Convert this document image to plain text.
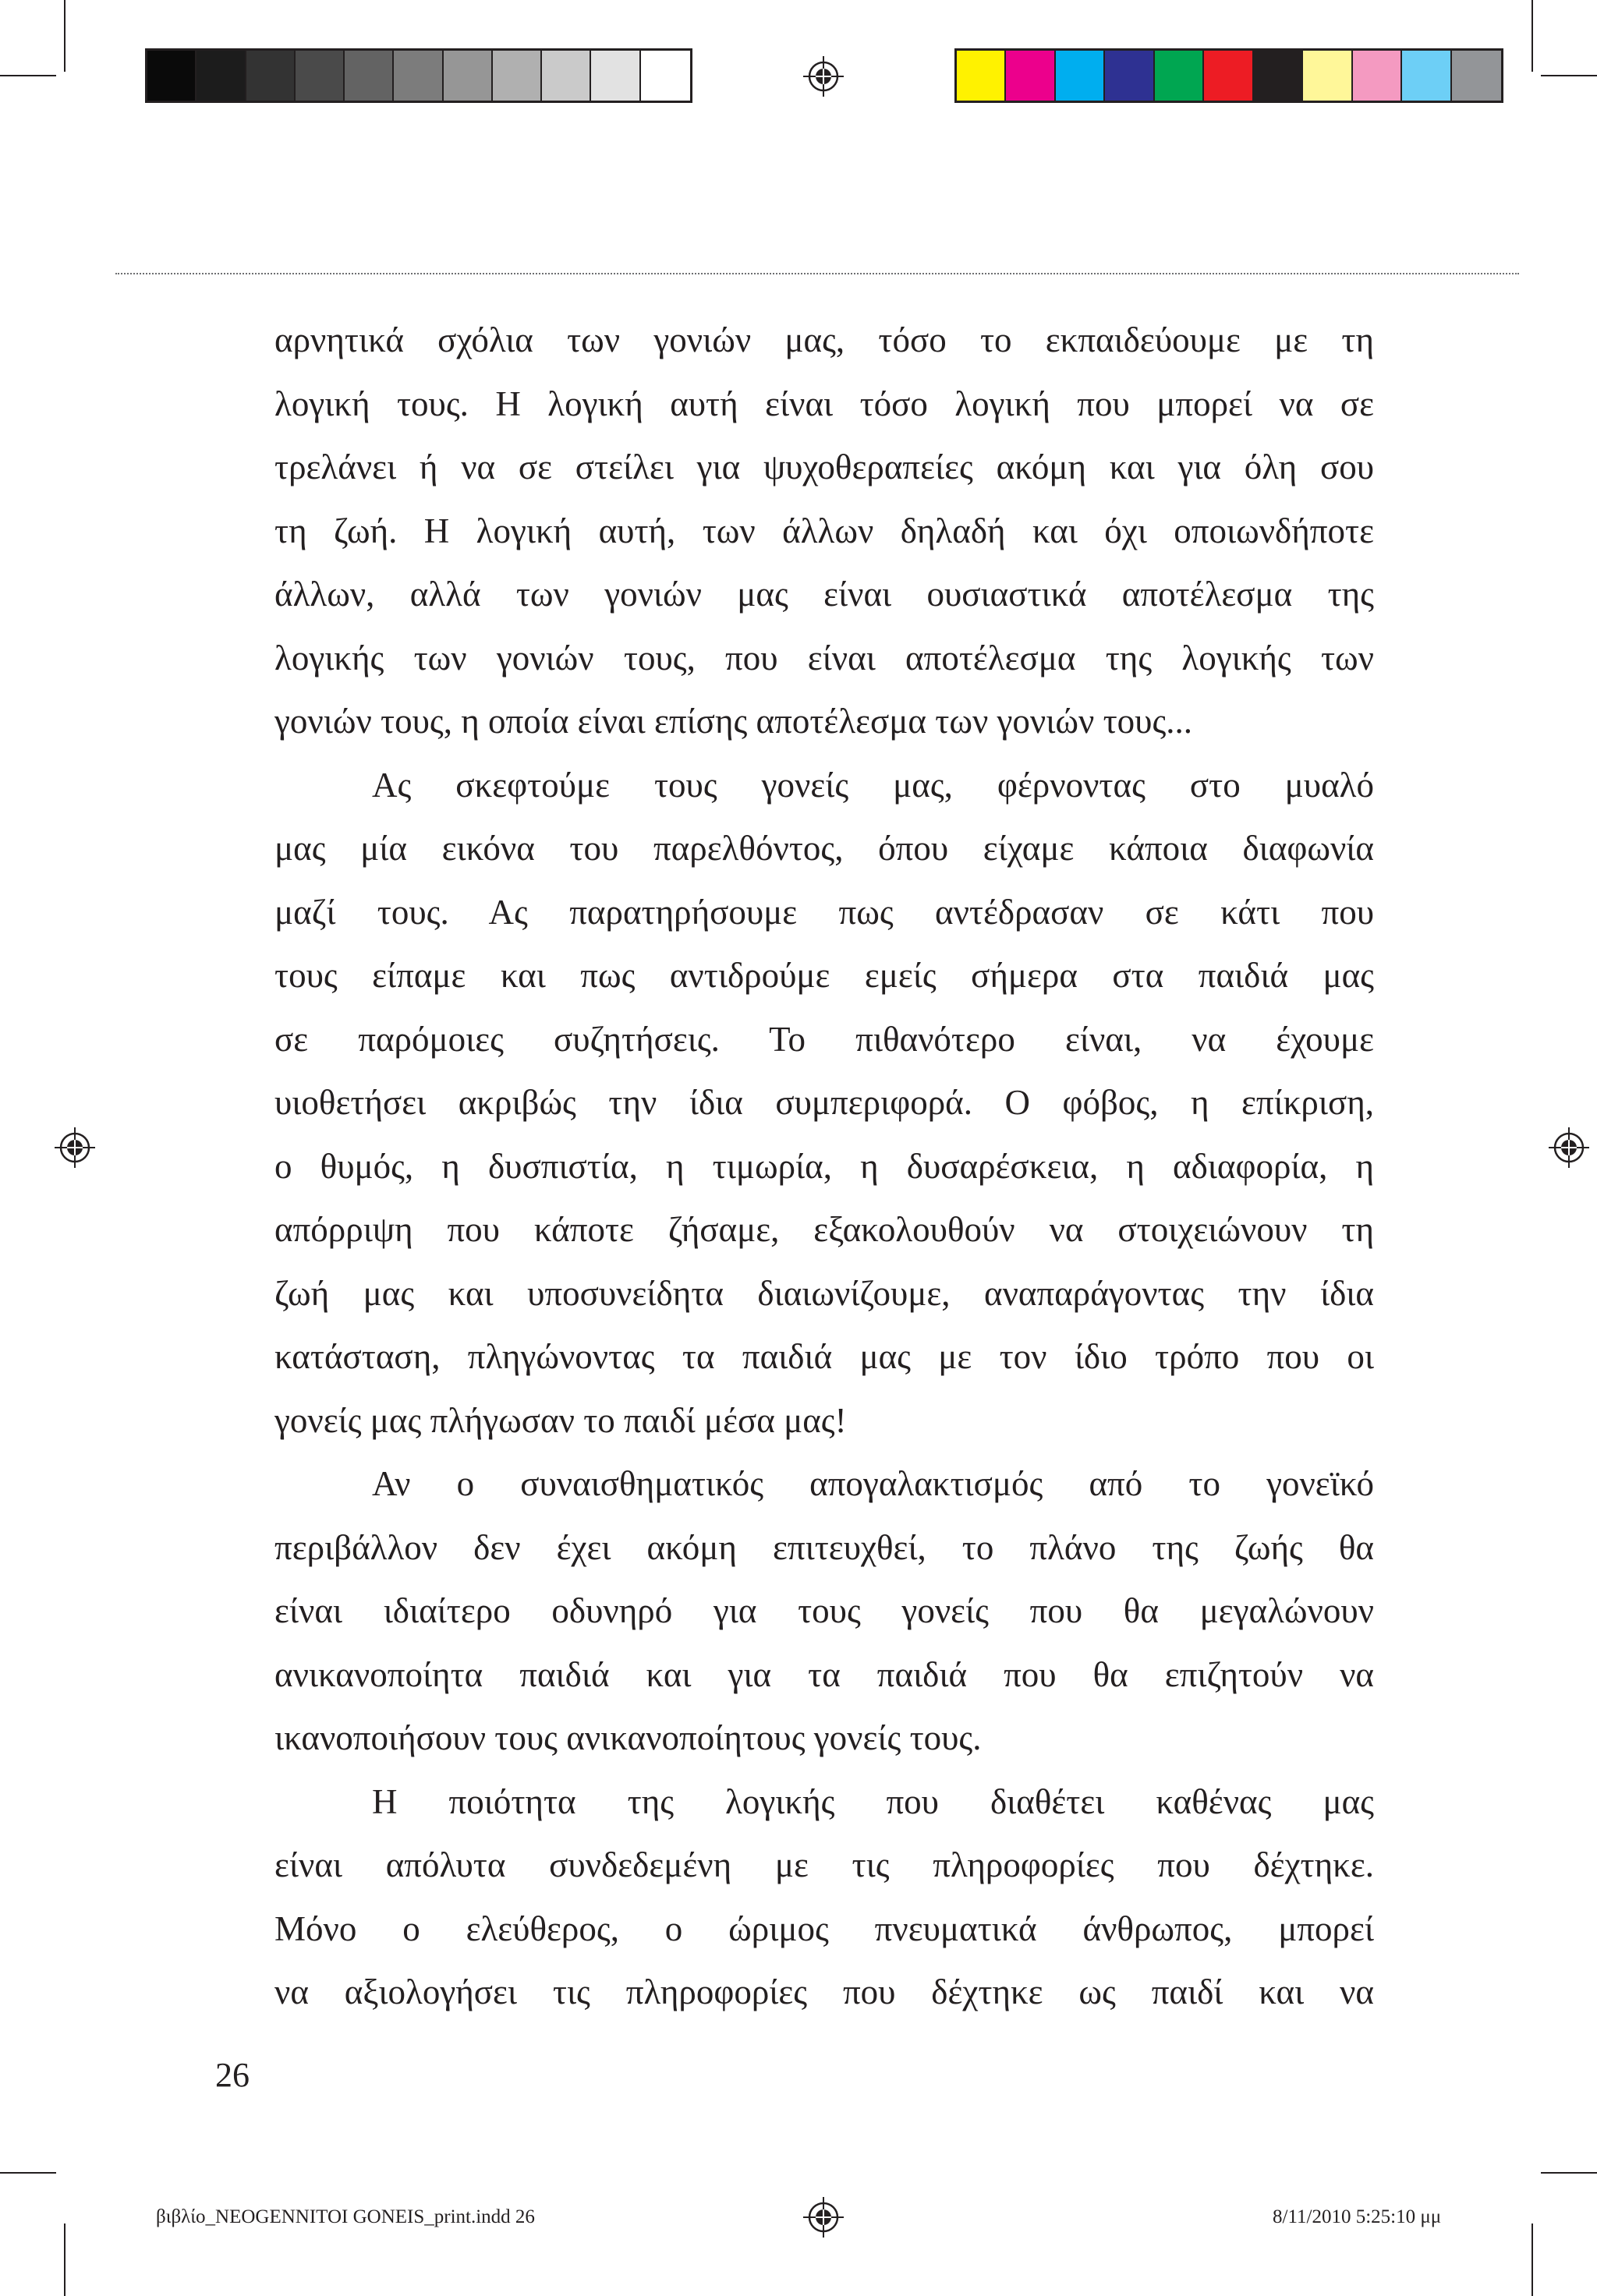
αρνητικά σχόλια των γονιών μας, τόσο το εκπαιδεύουμε με τη
λογική τους. Η λογική αυτή είναι τόσο λογική που μπορεί να σε
τρελάνει ή να σε στείλει για ψυχοθεραπείες ακόμη και για όλη σου
τη ζωή. Η λογική αυτή, των άλλων δηλαδή και όχι οποιωνδήποτε
άλλων, αλλά των γονιών μας είναι ουσιαστικά αποτέλεσμα της
λογικής των γονιών τους, που είναι αποτέλεσμα της λογικής των
γονιών τους, η οποία είναι επίσης αποτέλεσμα των γονιών τους...
Ας σκεφτούμε τους γονείς μας, φέρνοντας στο μυαλό
μας μία εικόνα του παρελθόντος, όπου είχαμε κάποια διαφωνία
μαζί τους. Ας παρατηρήσουμε πως αντέδρασαν σε κάτι που
τους είπαμε και πως αντιδρούμε εμείς σήμερα στα παιδιά μας
σε παρόμοιες συζητήσεις. Το πιθανότερο είναι, να έχουμε
υιοθετήσει ακριβώς την ίδια συμπεριφορά. Ο φόβος, η επίκριση,
ο θυμός, η δυσπιστία, η τιμωρία, η δυσαρέσκεια, η αδιαφορία, η
απόρριψη που κάποτε ζήσαμε, εξακολουθούν να στοιχειώνουν τη
ζωή μας και υποσυνείδητα διαιωνίζουμε, αναπαράγοντας την ίδια
κατάσταση, πληγώνοντας τα παιδιά μας με τον ίδιο τρόπο που οι
γονείς μας πλήγωσαν το παιδί μέσα μας!
Αν ο συναισθηματικός απογαλακτισμός από το γονεϊκό
περιβάλλον δεν έχει ακόμη επιτευχθεί, το πλάνο της ζωής θα
είναι ιδιαίτερο οδυνηρό για τους γονείς που θα μεγαλώνουν
ανικανοποίητα παιδιά και για τα παιδιά που θα επιζητούν να
ικανοποιήσουν τους ανικανοποίητους γονείς τους.
Η ποιότητα της λογικής που διαθέτει καθένας μας
είναι απόλυτα συνδεδεμένη με τις πληροφορίες που δέχτηκε.
Μόνο ο ελεύθερος, ο ώριμος πνευματικά άνθρωπος, μπορεί
να αξιολογήσει τις πληροφορίες που δέχτηκε ως παιδί και να
26
βιβλίο_NEOGENNITOI GONEIS_print.indd 26	8/11/2010 5:25:10 μμ
